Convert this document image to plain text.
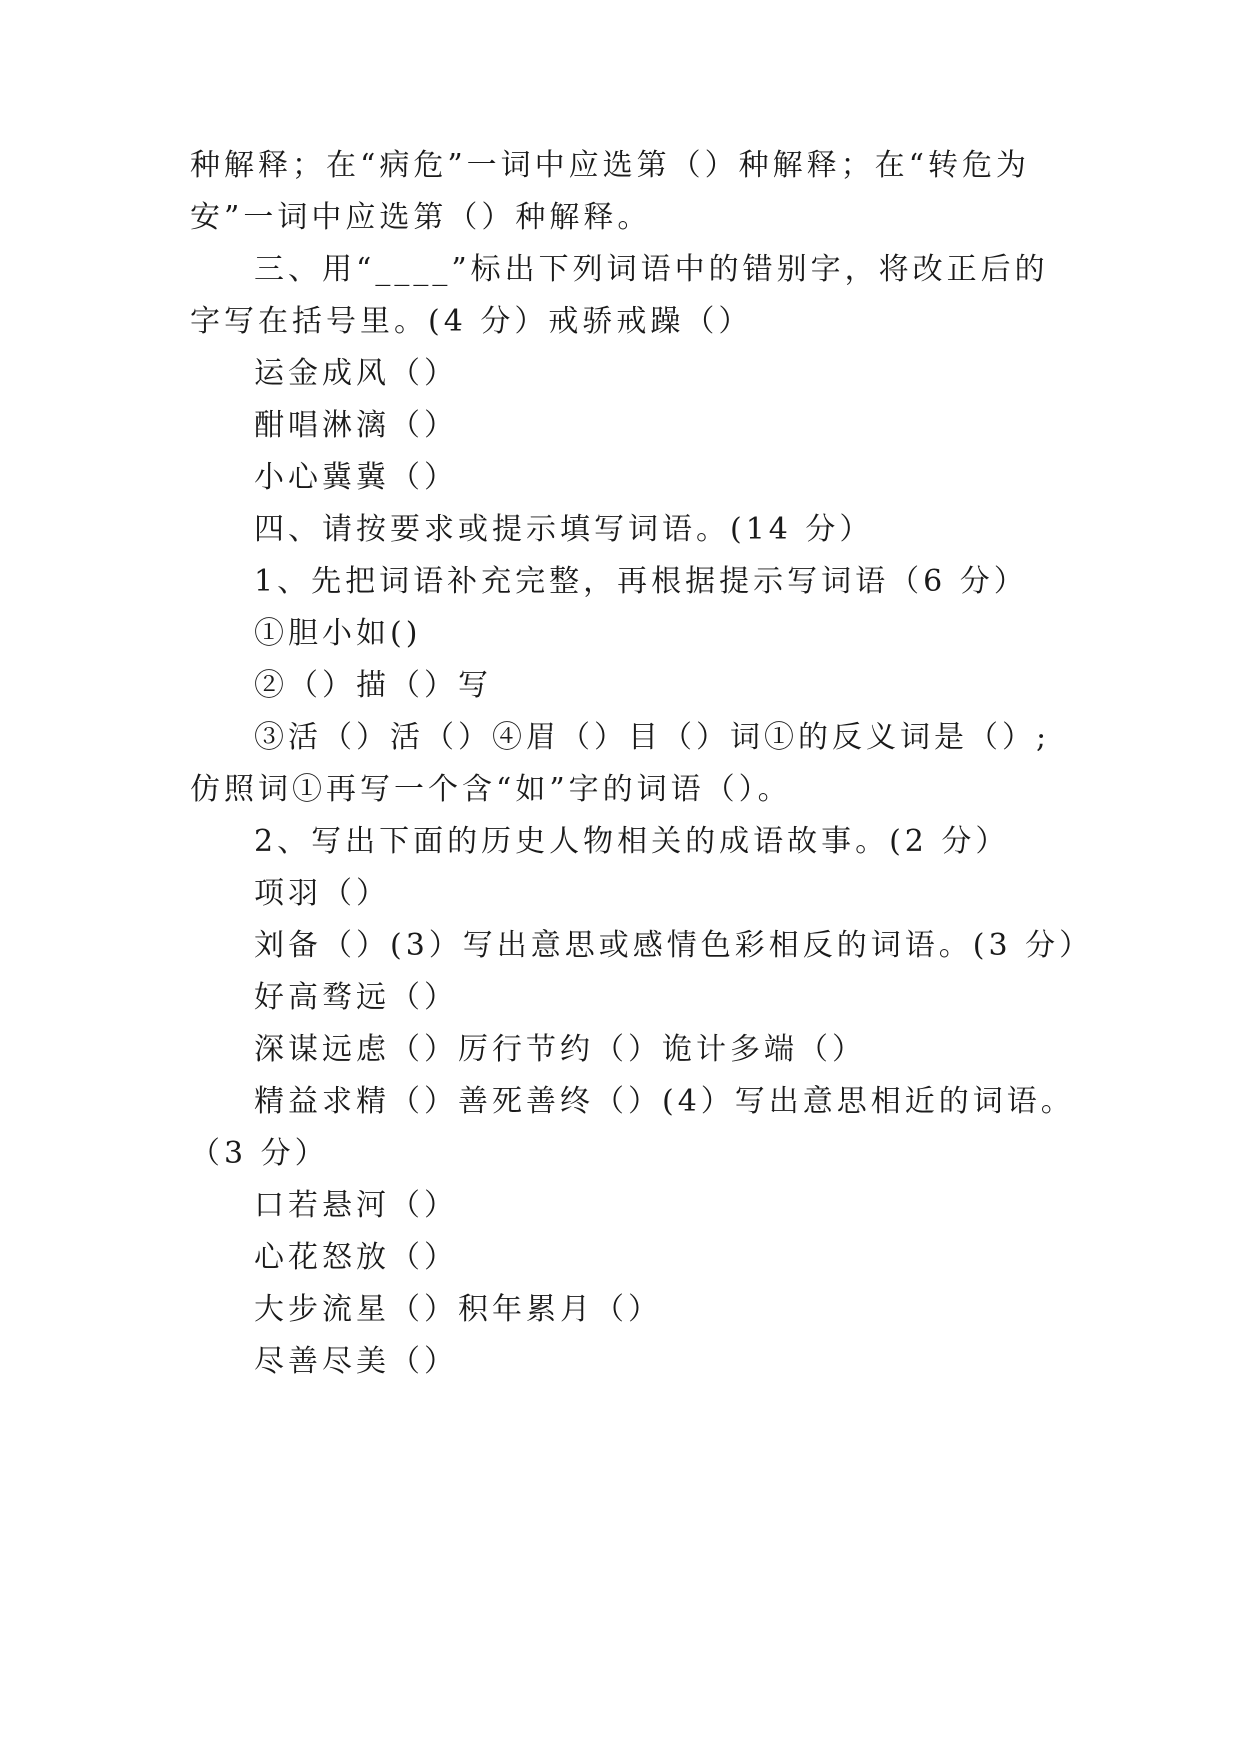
种解释；在“病危”一词中应选第（）种解释；在“转危为
安”一词中应选第（）种解释。
三、用“____”标出下列词语中的错别字，将改正后的
字写在括号里。(4 分）戒骄戒躁（）
运金成风（）
酣唱淋漓（）
小心冀冀（）
四、请按要求或提示填写词语。(14 分）
1、先把词语补充完整，再根据提示写词语（6 分）
①胆小如()
②（）描（）写
③活（）活（）④眉（）目（）词①的反义词是（）;
仿照词①再写一个含“如”字的词语（）。
2、写出下面的历史人物相关的成语故事。(2 分）
项羽（）
刘备（）(3）写出意思或感情色彩相反的词语。(3 分）
好高骛远（）
深谋远虑（）厉行节约（）诡计多端（）
精益求精（）善死善终（）(4）写出意思相近的词语。
（3 分）
口若悬河（）
心花怒放（）
大步流星（）积年累月（）
尽善尽美（）
